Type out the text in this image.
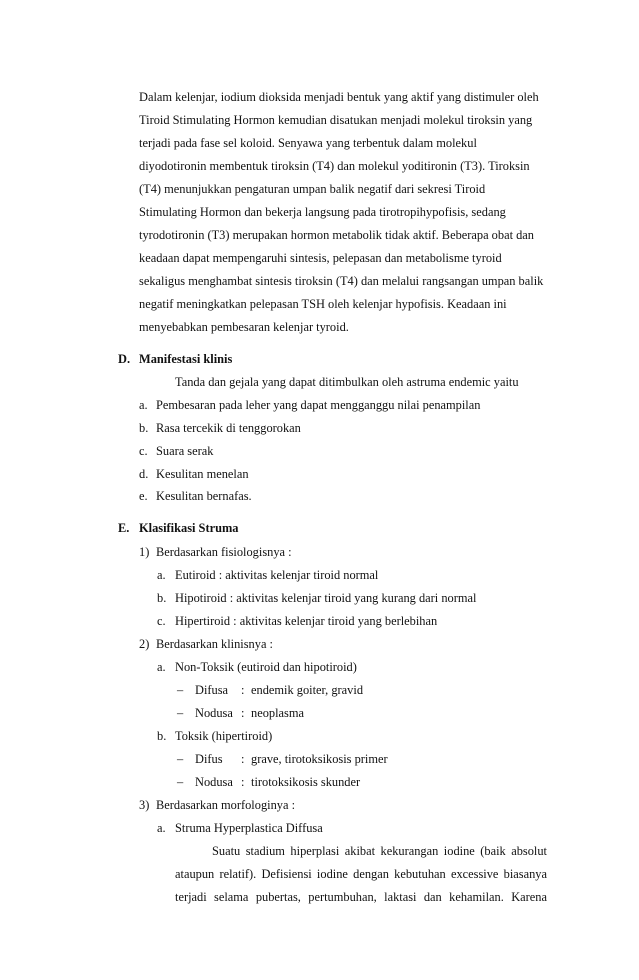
Dalam kelenjar, iodium dioksida menjadi bentuk yang aktif yang distimuler oleh
Tiroid Stimulating Hormon kemudian disatukan menjadi molekul tiroksin yang
terjadi pada fase sel koloid. Senyawa yang terbentuk dalam molekul
diyodotironin membentuk tiroksin (T4) dan molekul yoditironin (T3). Tiroksin
(T4) menunjukkan pengaturan umpan balik negatif dari sekresi Tiroid
Stimulating Hormon dan bekerja langsung pada tirotropihypofisis, sedang
tyrodotironin (T3) merupakan hormon metabolik tidak aktif. Beberapa obat dan
keadaan dapat mempengaruhi sintesis, pelepasan dan metabolisme tyroid
sekaligus menghambat sintesis tiroksin (T4) dan melalui rangsangan umpan balik
negatif meningkatkan pelepasan TSH oleh kelenjar hypofisis. Keadaan ini
menyebabkan pembesaran kelenjar tyroid.
D. Manifestasi klinis
Tanda dan gejala yang dapat ditimbulkan oleh astruma endemic yaitu
a. Pembesaran pada leher yang dapat mengganggu nilai penampilan
b. Rasa tercekik di tenggorokan
c. Suara serak
d. Kesulitan menelan
e. Kesulitan bernafas.
E. Klasifikasi Struma
1) Berdasarkan fisiologisnya :
a. Eutiroid : aktivitas kelenjar tiroid normal
b. Hipotiroid : aktivitas kelenjar tiroid yang kurang dari normal
c. Hipertiroid : aktivitas kelenjar tiroid yang berlebihan
2) Berdasarkan klinisnya :
a. Non-Toksik (eutiroid dan hipotiroid)
– Difusa : endemik goiter, gravid
– Nodusa : neoplasma
b. Toksik (hipertiroid)
– Difus : grave, tirotoksikosis primer
– Nodusa : tirotoksikosis skunder
3) Berdasarkan morfologinya :
a. Struma Hyperplastica Diffusa
Suatu stadium hiperplasi akibat kekurangan iodine (baik absolut
ataupun relatif). Defisiensi iodine dengan kebutuhan excessive biasanya
terjadi selama pubertas, pertumbuhan, laktasi dan kehamilan. Karena
